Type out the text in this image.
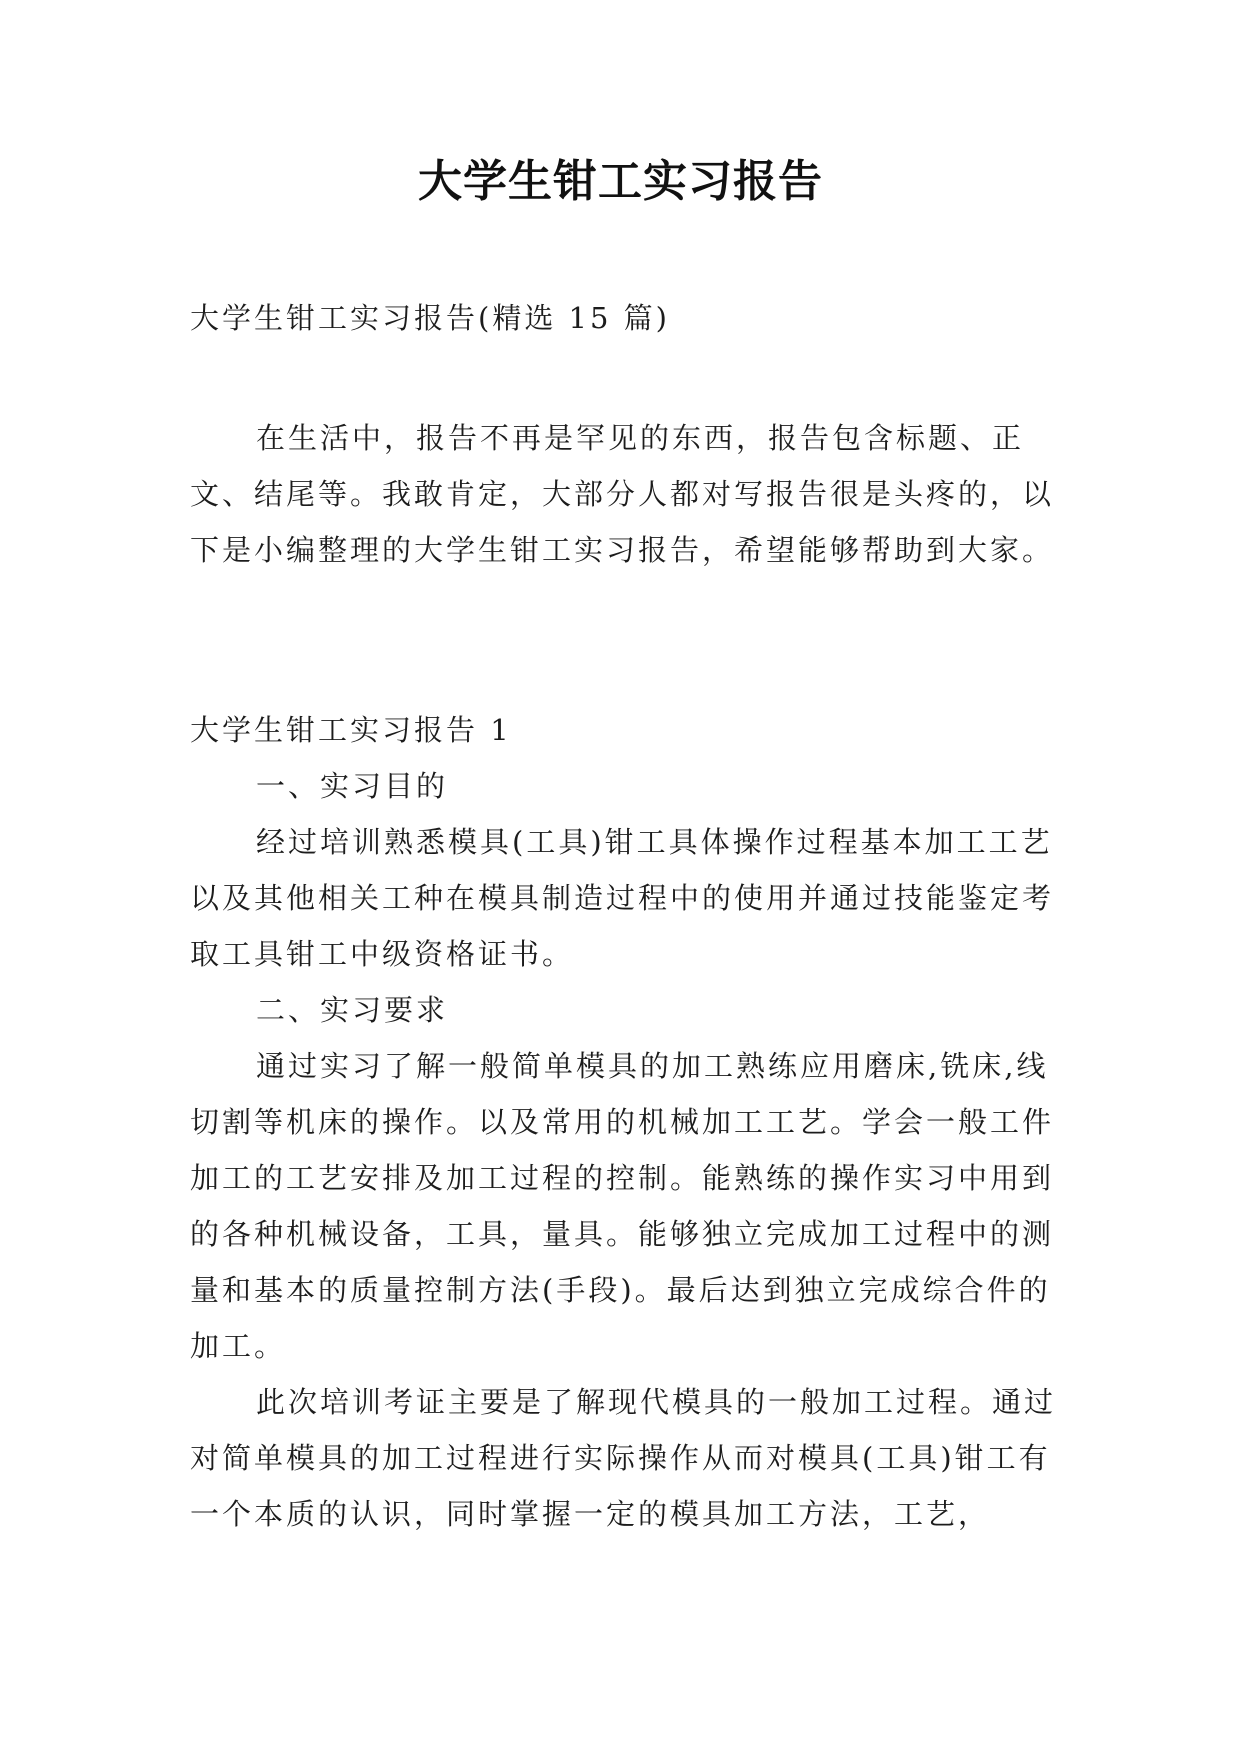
大学生钳工实习报告

大学生钳工实习报告(精选 15 篇)

在生活中，报告不再是罕见的东西，报告包含标题、正文、结尾等。我敢肯定，大部分人都对写报告很是头疼的，以下是小编整理的大学生钳工实习报告，希望能够帮助到大家。

大学生钳工实习报告 1

一、实习目的

经过培训熟悉模具(工具)钳工具体操作过程基本加工工艺以及其他相关工种在模具制造过程中的使用并通过技能鉴定考取工具钳工中级资格证书。

二、实习要求

通过实习了解一般简单模具的加工熟练应用磨床,铣床,线切割等机床的操作。以及常用的机械加工工艺。学会一般工件加工的工艺安排及加工过程的控制。能熟练的操作实习中用到的各种机械设备，工具，量具。能够独立完成加工过程中的测量和基本的质量控制方法(手段)。最后达到独立完成综合件的加工。

此次培训考证主要是了解现代模具的一般加工过程。通过对简单模具的加工过程进行实际操作从而对模具(工具)钳工有一个本质的认识，同时掌握一定的模具加工方法，工艺，
